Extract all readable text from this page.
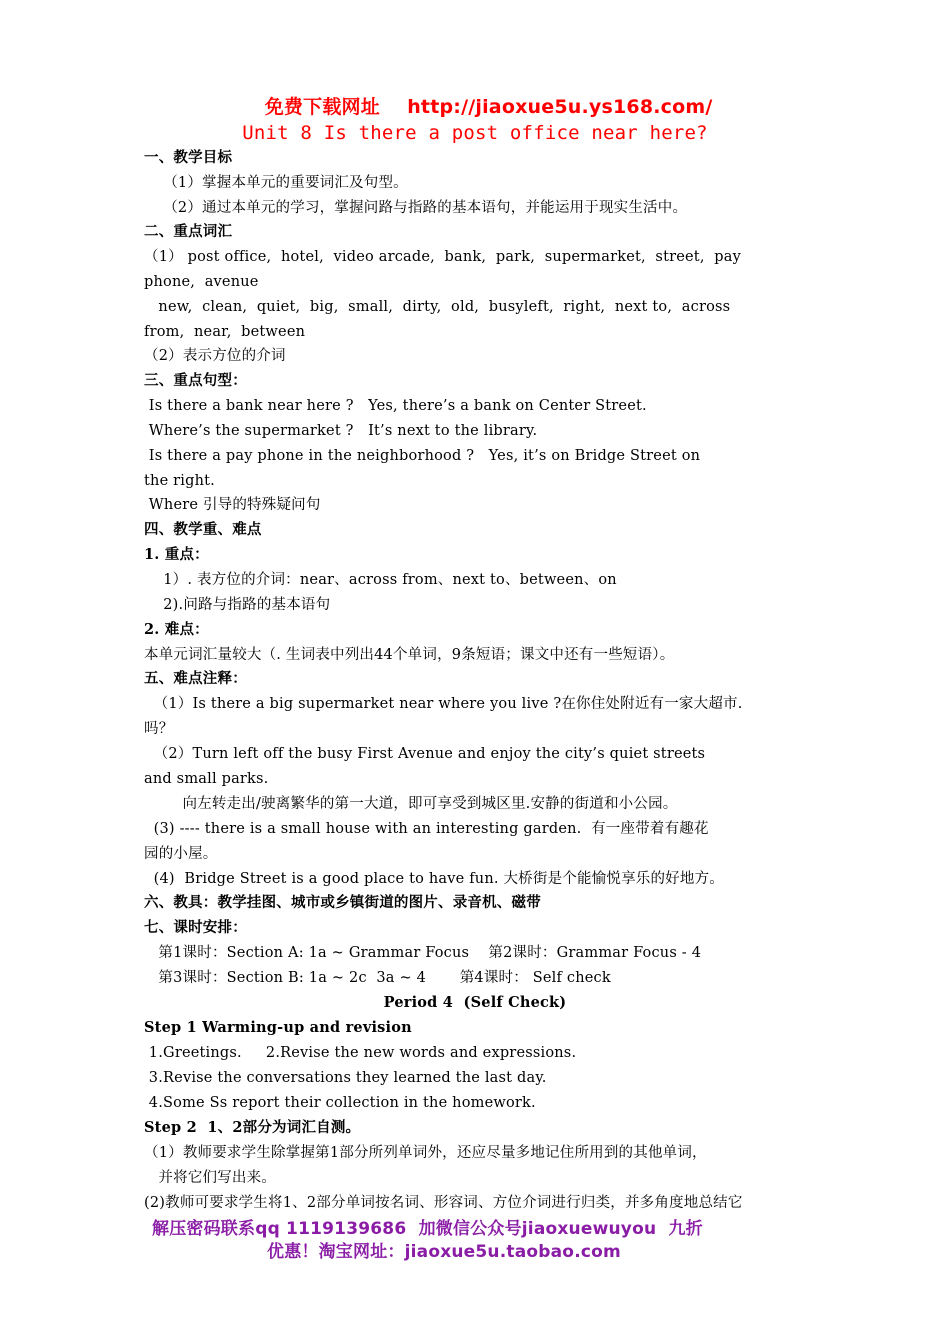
免费下载网址 http://jiaoxue5u.ys168.com/

Unit 8 Is there a post office near here?
一、教学目标
（1）掌握本单元的重要词汇及句型。
（2）通过本单元的学习，掌握问路与指路的基本语句，并能运用于现实生活中。
二、重点词汇
（1） post office,  hotel,  video arcade,  bank,  park,  supermarket,  street,  pay
phone,  avenue
new,  clean,  quiet,  big,  small,  dirty,  old,  busyleft,  right,  next to,  across
from,  near,  between
（2）表示方位的介词
三、重点句型：
Is there a bank near here ?   Yes, there’s a bank on Center Street.
Where’s the supermarket ?   It’s next to the library.
Is there a pay phone in the neighborhood ?   Yes, it’s on Bridge Street on
the right.
Where 引导的特殊疑问句
四、教学重、难点
1. 重点：
1）. 表方位的介词：near、across from、next to、between、on
2).问路与指路的基本语句
2. 难点：
本单元词汇量较大（. 生词表中列出44个单词，9条短语；课文中还有一些短语）。
五、难点注释：
（1）Is there a big supermarket near where you live ?在你住处附近有一家大超市.
吗？
（2）Turn left off the busy First Avenue and enjoy the city’s quiet streets
and small parks.
向左转走出/驶离繁华的第一大道，即可享受到城区里.安静的街道和小公园。
(3) ---- there is a small house with an interesting garden.  有一座带着有趣花
园的小屋。
(4)  Bridge Street is a good place to have fun. 大桥街是个能愉悦享乐的好地方。
六、教具：教学挂图、城市或乡镇街道的图片、录音机、磁带
七、课时安排：
第1课时：Section A: 1a ~ Grammar Focus    第2课时：Grammar Focus - 4
第3课时：Section B: 1a ~ 2c  3a ~ 4       第4课时： Self check
Period 4  (Self Check)
Step 1 Warming-up and revision
1.Greetings.     2.Revise the new words and expressions.
3.Revise the conversations they learned the last day.
4.Some Ss report their collection in the homework.
Step 2  1、2部分为词汇自测。
（1）教师要求学生除掌握第1部分所列单词外，还应尽量多地记住所用到的其他单词，
并将它们写出来。
(2)教师可要求学生将1、2部分单词按名词、形容词、方位介词进行归类，并多角度地总结它
解压密码联系qq 1119139686  加微信公众号jiaoxuewuyou  九折
优惠！淘宝网址：jiaoxue5u.taobao.com
